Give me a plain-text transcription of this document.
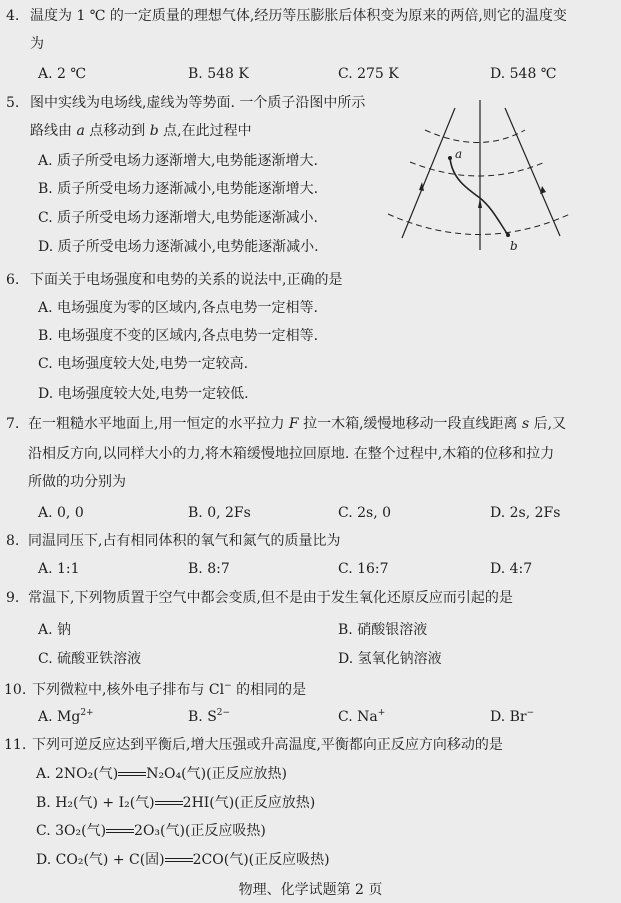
4. 温度为 1 ℃ 的一定质量的理想气体,经历等压膨胀后体积变为原来的两倍,则它的温度变
为
A. 2 ℃	B. 548 K	C. 275 K	D. 548 ℃
5. 图中实线为电场线,虚线为等势面. 一个质子沿图中所示
路线由 a 点移动到 b 点,在此过程中
A. 质子所受电场力逐渐增大,电势能逐渐增大.
B. 质子所受电场力逐渐减小,电势能逐渐增大.
C. 质子所受电场力逐渐增大,电势能逐渐减小.
D. 质子所受电场力逐渐减小,电势能逐渐减小.
a
b
6. 下面关于电场强度和电势的关系的说法中,正确的是
A. 电场强度为零的区域内,各点电势一定相等.
B. 电场强度不变的区域内,各点电势一定相等.
C. 电场强度较大处,电势一定较高.
D. 电场强度较大处,电势一定较低.
7. 在一粗糙水平地面上,用一恒定的水平拉力 F 拉一木箱,缓慢地移动一段直线距离 s 后,又
沿相反方向,以同样大小的力,将木箱缓慢地拉回原地. 在整个过程中,木箱的位移和拉力
所做的功分别为
A. 0, 0	B. 0, 2Fs	C. 2s, 0	D. 2s, 2Fs
8. 同温同压下,占有相同体积的氧气和氮气的质量比为
A. 1:1	B. 8:7	C. 16:7	D. 4:7
9. 常温下,下列物质置于空气中都会变质,但不是由于发生氧化还原反应而引起的是
A. 钠	B. 硝酸银溶液
C. 硫酸亚铁溶液	D. 氢氧化钠溶液
10. 下列微粒中,核外电子排布与 Cl− 的相同的是
A. $Mg^{2+}$	B. $S^{2-}$	C. Na+	D. Br−
11. 下列可逆反应达到平衡后,增大压强或升高温度,平衡都向正反应方向移动的是
A. 2NO₂(气) N₂O₄(气)(正反应放热)
B. H₂(气) + I₂(气) 2HI(气)(正反应放热)
C. 3O₂(气) 2O₃(气)(正反应吸热)
D. CO₂(气) + C(固) 2CO(气)(正反应吸热)
物理、化学试题第 2 页
